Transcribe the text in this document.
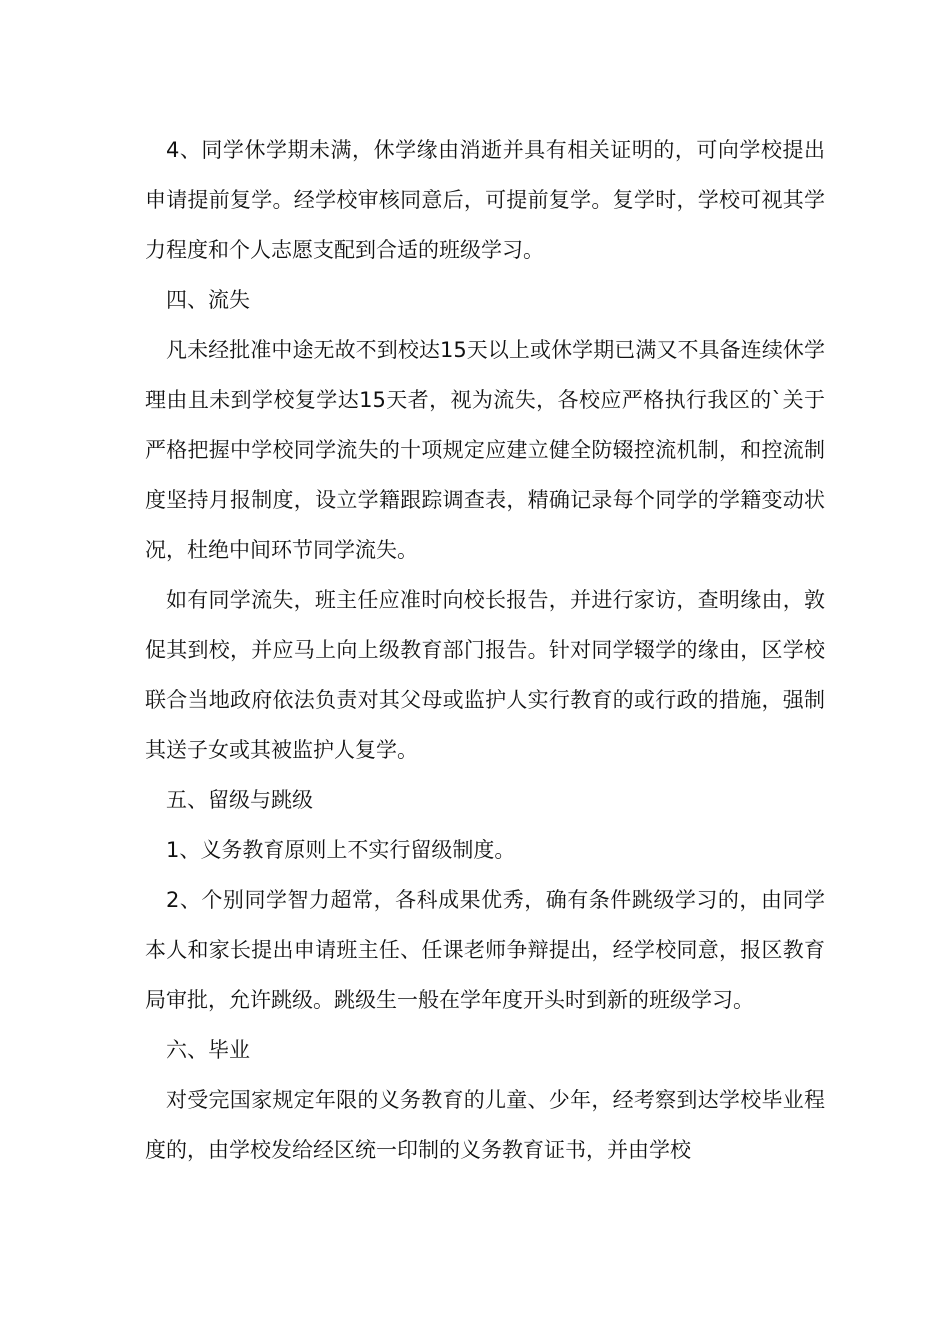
4、同学休学期未满，休学缘由消逝并具有相关证明的，可向学校提出申请提前复学。经学校审核同意后，可提前复学。复学时，学校可视其学力程度和个人志愿支配到合适的班级学习。

四、流失

凡未经批准中途无故不到校达15天以上或休学期已满又不具备连续休学理由且未到学校复学达15天者，视为流失，各校应严格执行我区的`关于严格把握中学校同学流失的十项规定应建立健全防辍控流机制，和控流制度坚持月报制度，设立学籍跟踪调查表，精确记录每个同学的学籍变动状况，杜绝中间环节同学流失。

如有同学流失，班主任应准时向校长报告，并进行家访，查明缘由，敦促其到校，并应马上向上级教育部门报告。针对同学辍学的缘由，区学校联合当地政府依法负责对其父母或监护人实行教育的或行政的措施，强制其送子女或其被监护人复学。

五、留级与跳级

1、义务教育原则上不实行留级制度。

2、个别同学智力超常，各科成果优秀，确有条件跳级学习的，由同学本人和家长提出申请班主任、任课老师争辩提出，经学校同意，报区教育局审批，允许跳级。跳级生一般在学年度开头时到新的班级学习。

六、毕业

对受完国家规定年限的义务教育的儿童、少年，经考察到达学校毕业程度的，由学校发给经区统一印制的义务教育证书，并由学校
